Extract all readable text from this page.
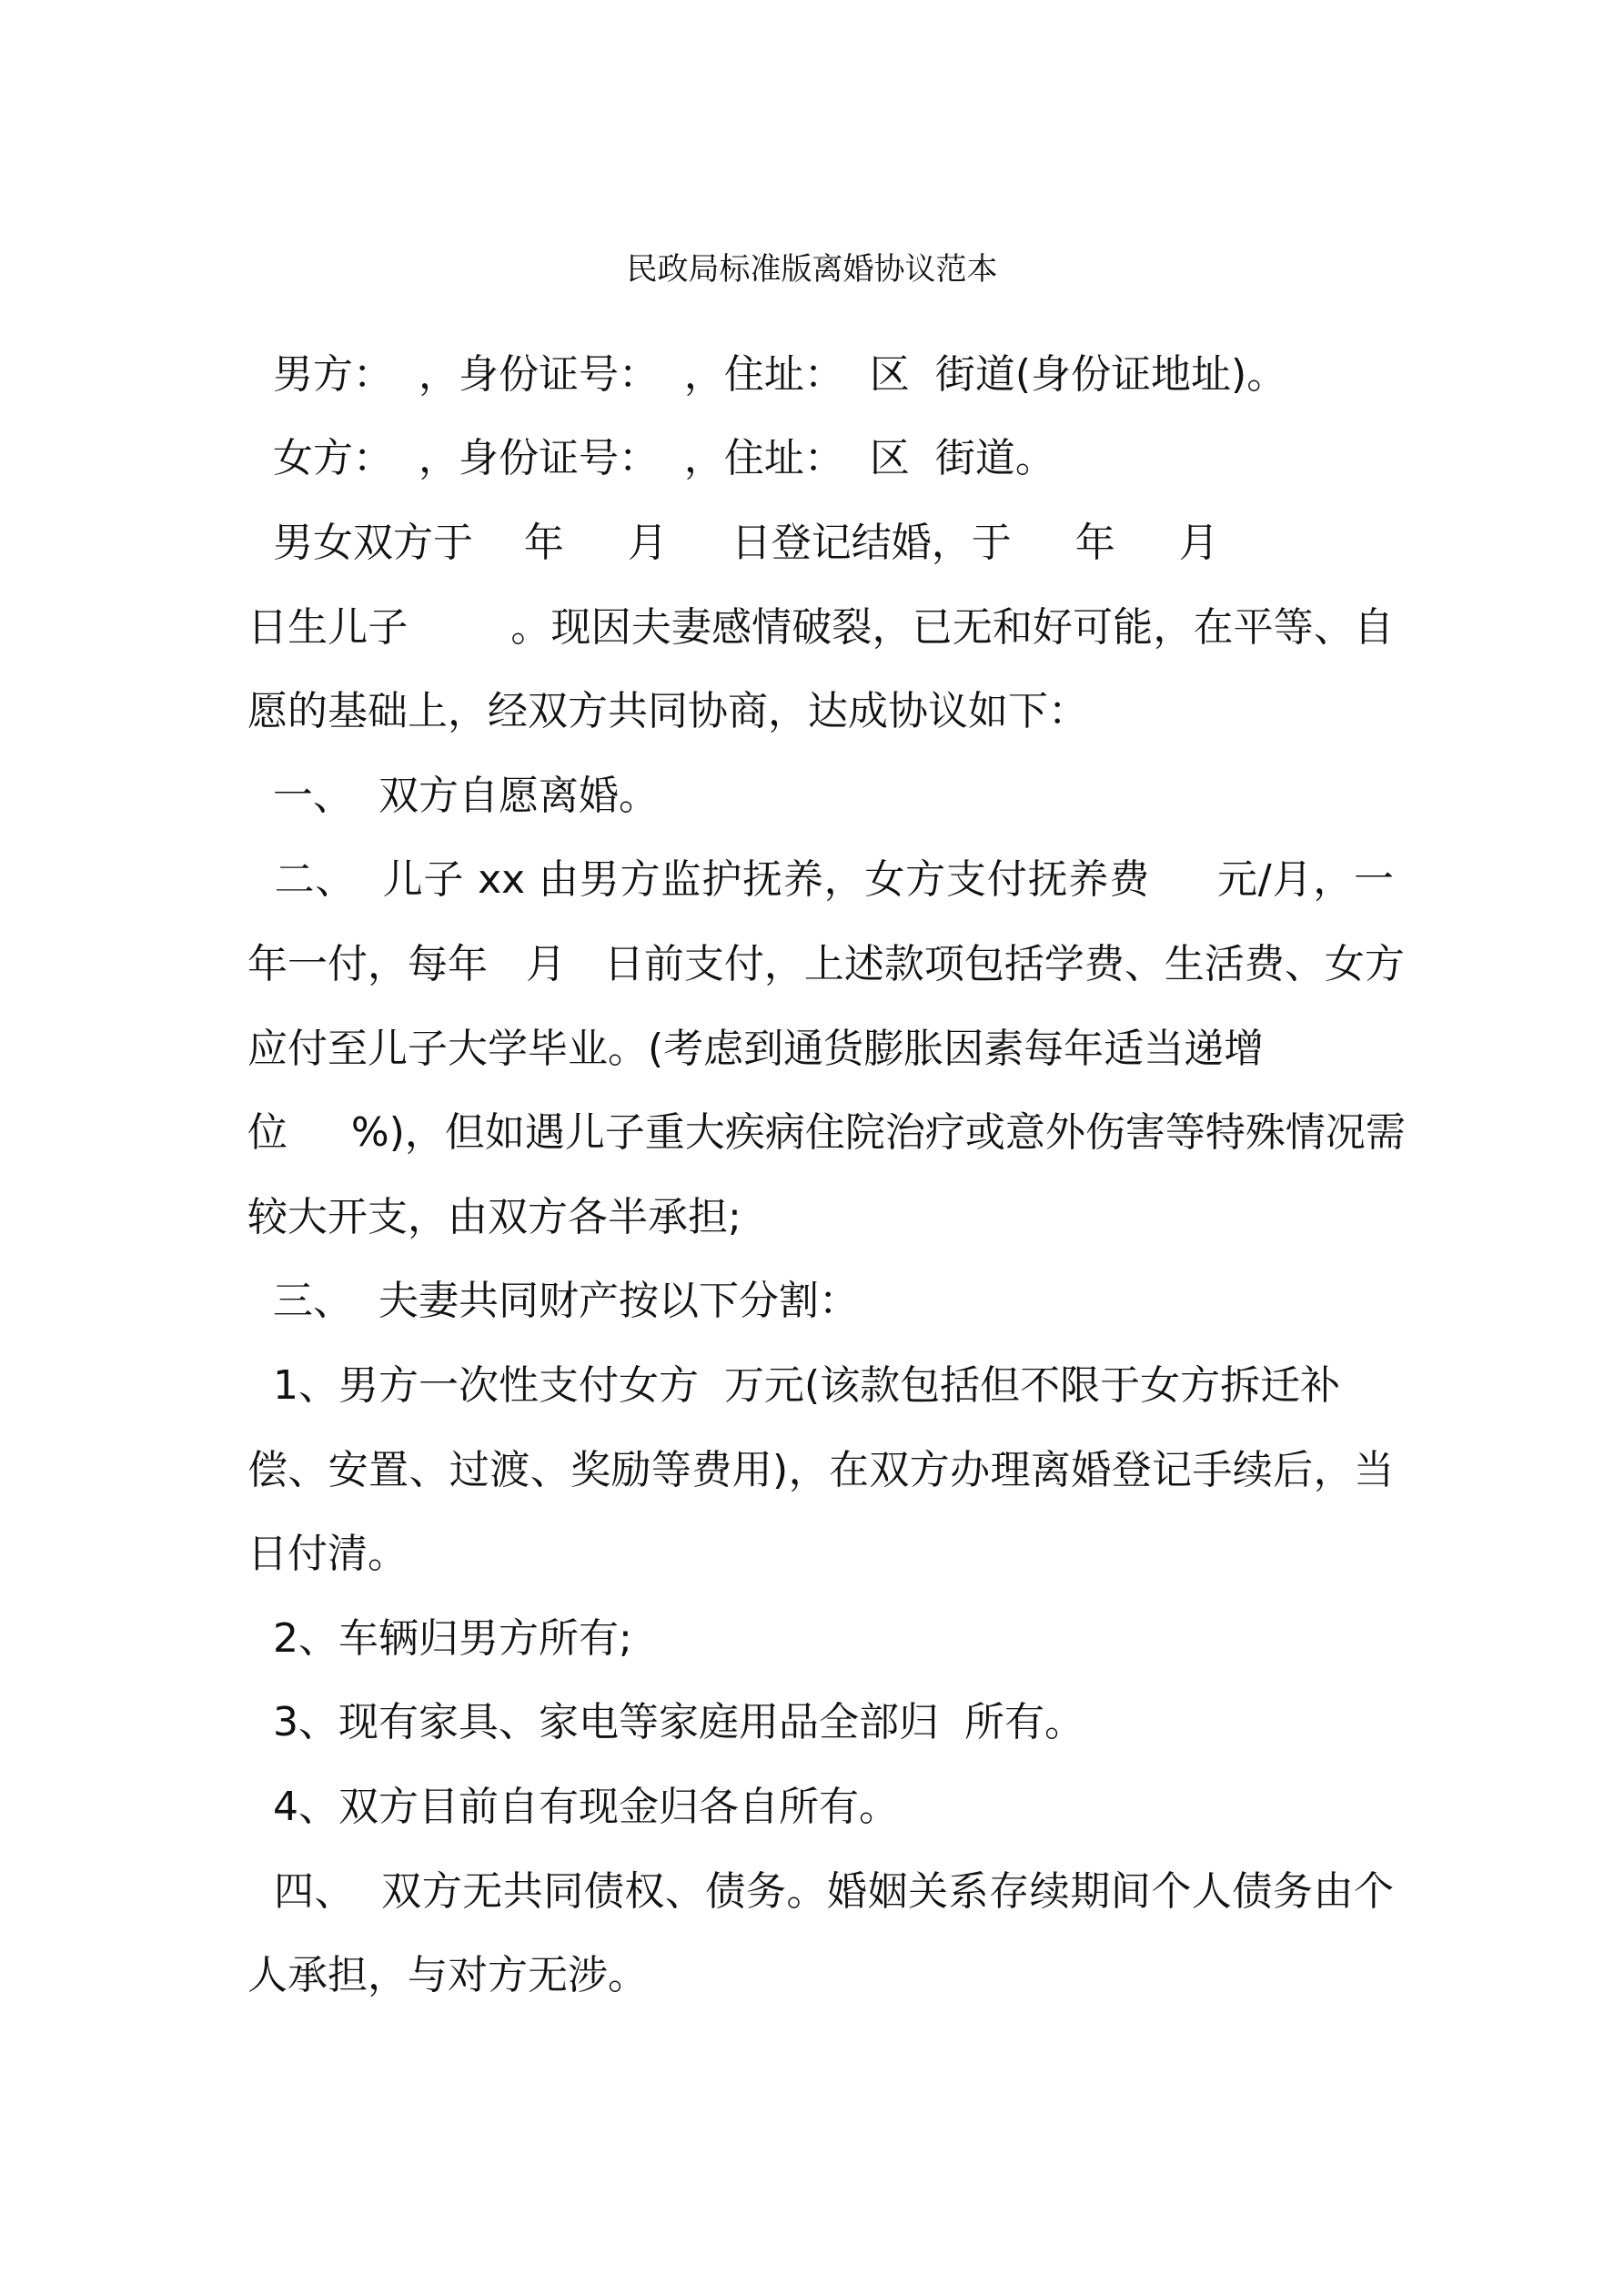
民政局标准版离婚协议范本
男方：  ，身份证号：  ，住址：  区  街道(身份证地址)。
女方：  ，身份证号：  ，住址：  区  街道。
男女双方于    年     月     日登记结婚，于     年     月
日生儿子        。现因夫妻感情破裂，已无和好可能，在平等、自
愿的基础上，经双方共同协商，达成协议如下：
一、  双方自愿离婚。
二、  儿子 xx 由男方监护抚养，女方支付抚养费     元/月，一
年一付，每年   月   日前支付，上述款项包括学费、生活费、女方
应付至儿子大学毕业。(考虑到通货膨胀因素每年适当递增
位     %)，但如遇儿子重大疾病住院治疗或意外伤害等特殊情况需
较大开支，由双方各半承担;
三、  夫妻共同财产按以下分割：
1、男方一次性支付女方  万元(该款包括但不限于女方拆迁补
偿、安置、过渡、奖励等费用)，在双方办理离婚登记手续后，当
日付清。
2、车辆归男方所有;
3、现有家具、家电等家庭用品全部归  所有。
4、双方目前自有现金归各自所有。
四、  双方无共同债权、债务。婚姻关系存续期间个人债务由个
人承担，与对方无涉。
